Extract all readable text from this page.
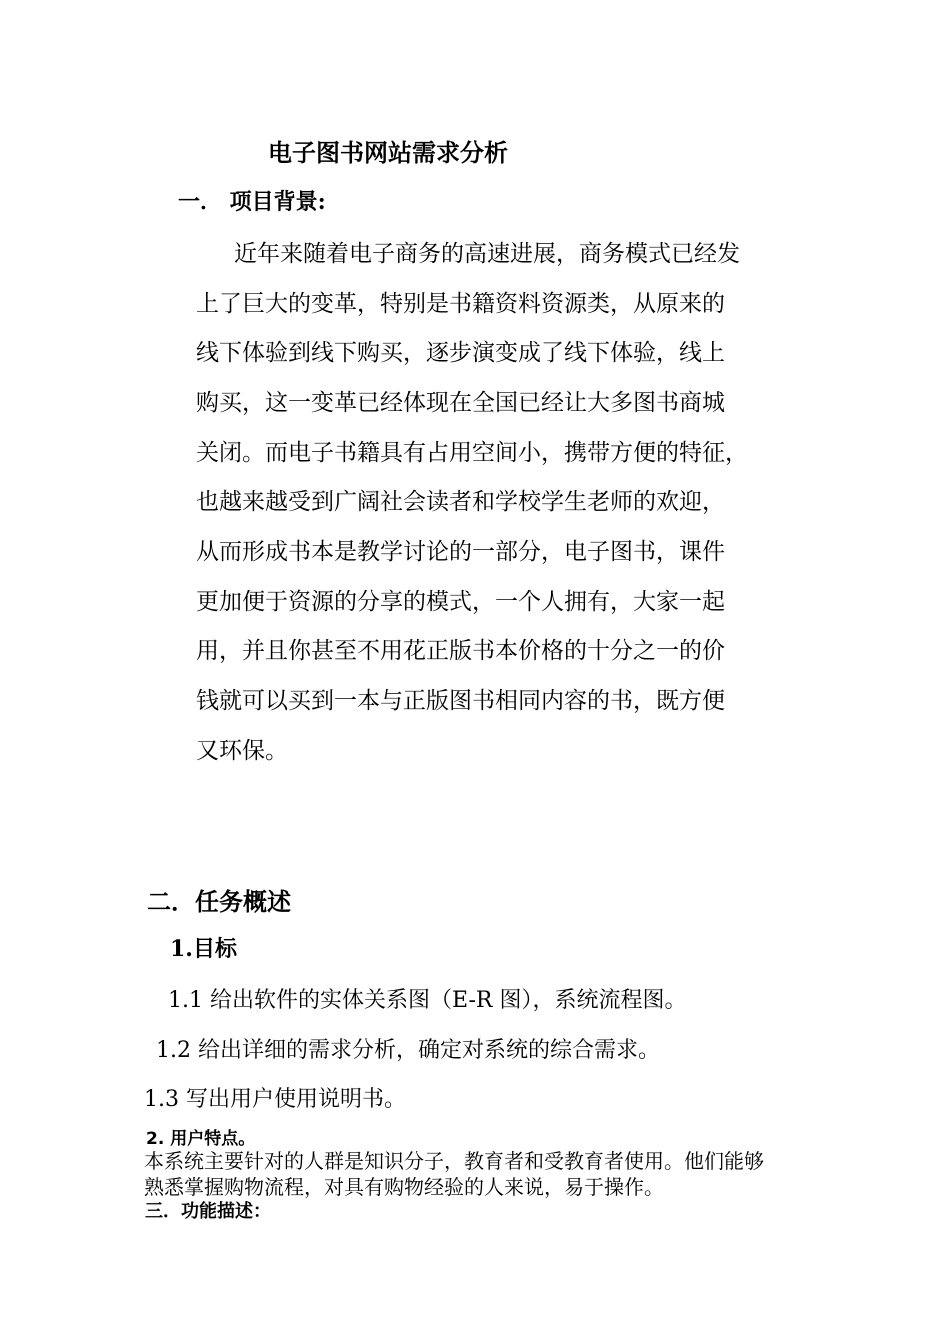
电子图书网站需求分析
一． 项目背景:
近年来随着电子商务的高速进展，商务模式已经发
上了巨大的变革，特别是书籍资料资源类，从原来的
线下体验到线下购买，逐步演变成了线下体验，线上
购买，这一变革已经体现在全国已经让大多图书商城
关闭。而电子书籍具有占用空间小，携带方便的特征，
也越来越受到广阔社会读者和学校学生老师的欢迎，
从而形成书本是教学讨论的一部分，电子图书，课件
更加便于资源的分享的模式，一个人拥有，大家一起
用，并且你甚至不用花正版书本价格的十分之一的价
钱就可以买到一本与正版图书相同内容的书，既方便
又环保。
二．任务概述
1.目标
1.1 给出软件的实体关系图（E-R 图），系统流程图。
1.2 给出详细的需求分析，确定对系统的综合需求。
1.3 写出用户使用说明书。
2. 用户特点。
本系统主要针对的人群是知识分子，教育者和受教育者使用。他们能够
熟悉掌握购物流程，对具有购物经验的人来说，易于操作。
三．功能描述：
